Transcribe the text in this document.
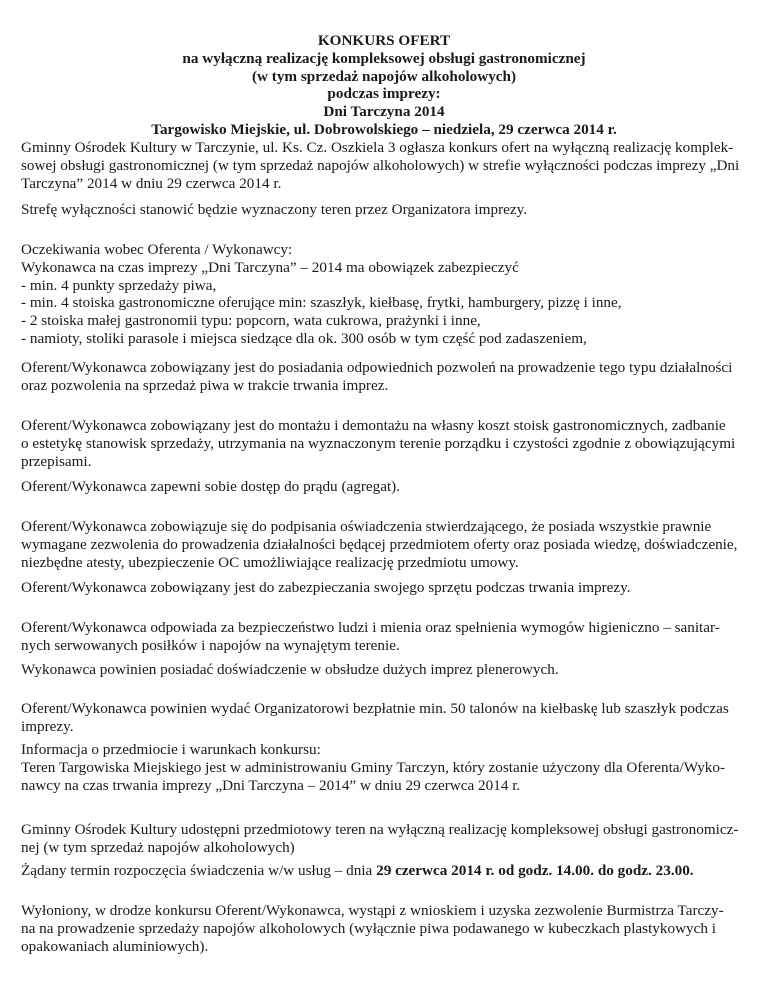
KONKURS OFERT
na wyłączną realizację kompleksowej obsługi gastronomicznej
(w tym sprzedaż napojów alkoholowych)
podczas imprezy:
Dni Tarczyna 2014
Targowisko Miejskie, ul. Dobrowolskiego – niedziela, 29 czerwca 2014 r.
Gminny Ośrodek Kultury w Tarczynie, ul. Ks. Cz. Oszkiela 3 ogłasza konkurs ofert na wyłączną realizację komplek-
sowej obsługi gastronomicznej (w tym sprzedaż napojów alkoholowych) w strefie wyłączności podczas imprezy „Dni
Tarczyna” 2014 w dniu 29 czerwca 2014 r.
Strefę wyłączności stanowić będzie wyznaczony teren przez Organizatora imprezy.
Oczekiwania wobec Oferenta / Wykonawcy:
Wykonawca na czas imprezy „Dni Tarczyna” – 2014 ma obowiązek zabezpieczyć
- min. 4 punkty sprzedaży piwa,
- min. 4 stoiska gastronomiczne oferujące min: szaszłyk, kiełbasę, frytki, hamburgery, pizzę i inne,
- 2 stoiska małej gastronomii typu: popcorn, wata cukrowa, prażynki i inne,
- namioty, stoliki parasole i miejsca siedzące dla ok. 300 osób w tym część pod zadaszeniem,
Oferent/Wykonawca zobowiązany jest do posiadania odpowiednich pozwoleń na prowadzenie tego typu działalności
oraz pozwolenia na sprzedaż piwa w trakcie trwania imprez.
Oferent/Wykonawca zobowiązany jest do montażu i demontażu na własny koszt stoisk gastronomicznych, zadbanie
o estetykę stanowisk sprzedaży, utrzymania na wyznaczonym terenie porządku i czystości zgodnie z obowiązującymi
przepisami.
Oferent/Wykonawca zapewni sobie dostęp do prądu (agregat).
Oferent/Wykonawca zobowiązuje się do podpisania oświadczenia stwierdzającego, że posiada wszystkie prawnie
wymagane zezwolenia do prowadzenia działalności będącej przedmiotem oferty oraz posiada wiedzę, doświadczenie,
niezbędne atesty, ubezpieczenie OC umożliwiające realizację przedmiotu umowy.
Oferent/Wykonawca zobowiązany jest do zabezpieczania swojego sprzętu podczas trwania imprezy.
Oferent/Wykonawca odpowiada za bezpieczeństwo ludzi i mienia oraz spełnienia wymogów higieniczno – sanitar-
nych serwowanych posiłków i napojów na wynajętym terenie.
Wykonawca powinien posiadać doświadczenie w obsłudze dużych imprez plenerowych.
Oferent/Wykonawca powinien wydać Organizatorowi bezpłatnie min. 50 talonów na kiełbaskę lub szaszłyk podczas
imprezy.
Informacja o przedmiocie i warunkach konkursu:
Teren Targowiska Miejskiego jest w administrowaniu Gminy Tarczyn, który zostanie użyczony dla Oferenta/Wyko-
nawcy na czas trwania imprezy „Dni Tarczyna – 2014” w dniu 29 czerwca 2014 r.
Gminny Ośrodek Kultury udostępni przedmiotowy teren na wyłączną realizację kompleksowej obsługi gastronomicz-
nej (w tym sprzedaż napojów alkoholowych)
Żądany termin rozpoczęcia świadczenia w/w usług – dnia 29 czerwca 2014 r. od godz. 14.00. do godz. 23.00.
Wyłoniony, w drodze konkursu Oferent/Wykonawca, wystąpi z wnioskiem i uzyska zezwolenie Burmistrza Tarczy-
na na prowadzenie sprzedaży napojów alkoholowych (wyłącznie piwa podawanego w kubeczkach plastykowych i
opakowaniach aluminiowych).
